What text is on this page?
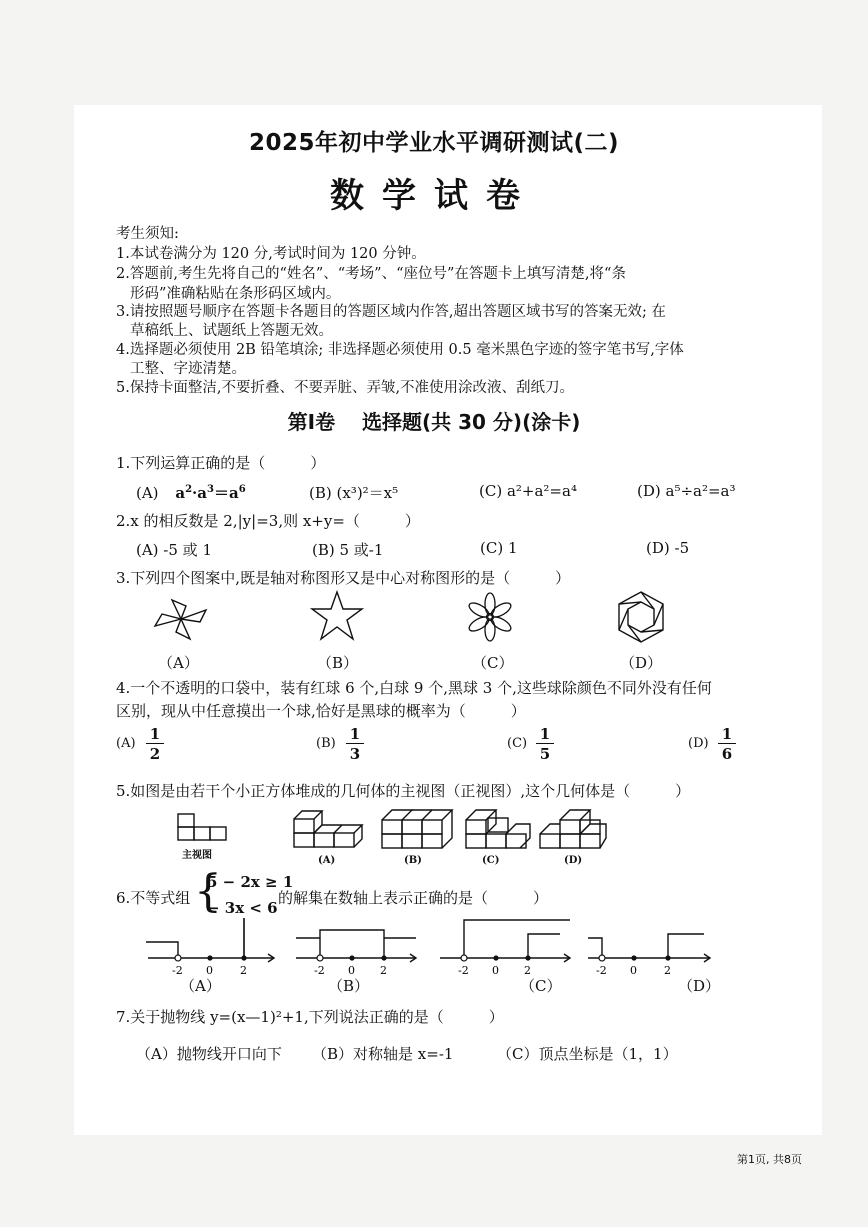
2025年初中学业水平调研测试(二)
数学试卷
考生须知:
1.本试卷满分为 120 分,考试时间为 120 分钟。
2.答题前,考生先将自己的“姓名”、“考场”、“座位号”在答题卡上填写清楚,将“条
形码”准确粘贴在条形码区域内。
3.请按照题号顺序在答题卡各题目的答题区域内作答,超出答题区域书写的答案无效; 在
草稿纸上、试题纸上答题无效。
4.选择题必须使用 2B 铅笔填涂; 非选择题必须使用 0.5 毫米黑色字迹的签字笔书写,字体
工整、字迹清楚。
5.保持卡面整洁,不要折叠、不要弄脏、弄皱,不准使用涂改液、刮纸刀。
第Ⅰ卷　 选择题(共 30 分)(涂卡)
1.下列运算正确的是（　　　）
(A) $a^2\cdot a^3=a^6$	(B) (x³)²＝x⁵	(C) a²+a²=a⁴	(D) a⁵÷a²=a³
2.x 的相反数是 2,|y|=3,则 x+y=（　　　）
(A) -5 或 1	(B) 5 或-1	(C) 1	(D) -5
3.下列四个图案中,既是轴对称图形又是中心对称图形的是（　　　）
（A）	（B）	（C）	（D）
4.一个不透明的口袋中，装有红球 6 个,白球 9 个,黑球 3 个,这些球除颜色不同外没有任何
区别，现从中任意摸出一个球,恰好是黑球的概率为（　　　）
$(A) \frac{1}{2}$	$(B) \frac{1}{3}$	$(C) \frac{1}{5}$	$(D) \frac{1}{6}$
5.如图是由若干个小正方体堆成的几何体的主视图（正视图）,这个几何体是（　　　）
主视图	(A)	(B)	(C)	(D)
6.不等式组 {
5 − 2x ≥ 1
− 3x < 6
的解集在数轴上表示正确的是（　　　）
-2 0 2
（A）
-2 0 2
（B）
-2 0 2
（C）
-2 0 2
（D）
7.关于抛物线 y=(x—1)²+1,下列说法正确的是（　　　）
（A）抛物线开口向下 （B）对称轴是 x=-1	（C）顶点坐标是（1，1）
第1页, 共8页
